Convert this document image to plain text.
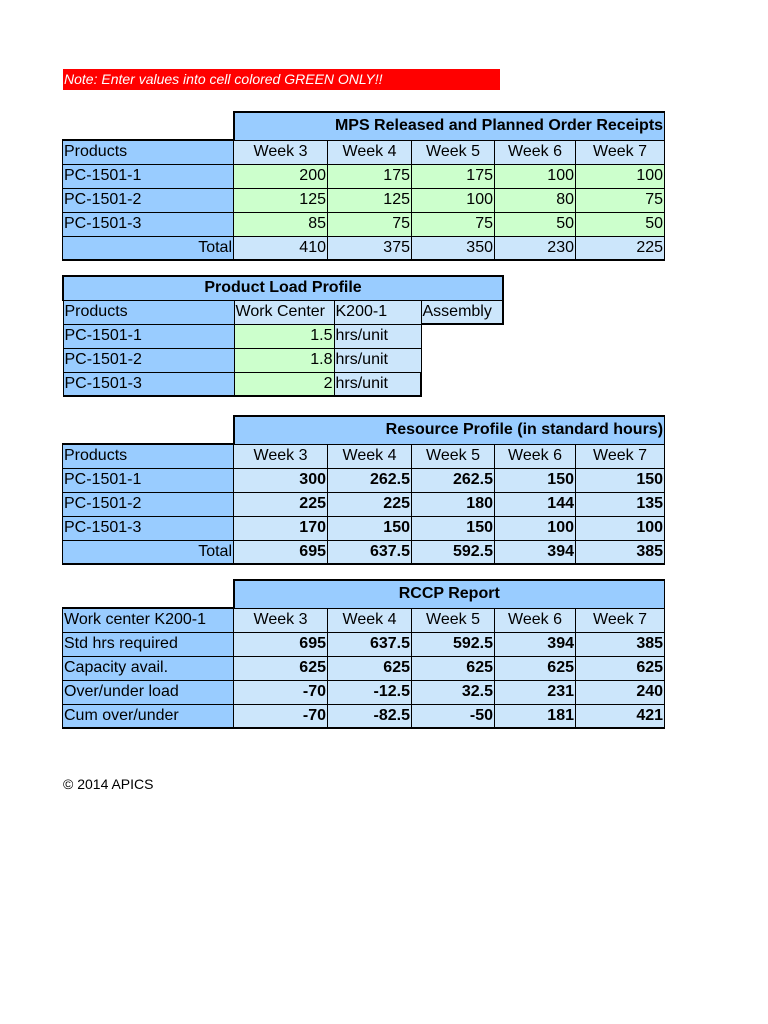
Note: Enter values into cell colored GREEN ONLY!!
	MPS Released and Planned Order Receipts				
Products	Week 3	Week 4	Week 5	Week 6	Week 7
PC-1501-1	200	175	175	100	100
PC-1501-2	125	125	100	80	75
PC-1501-3	85	75	75	50	50
Total	410	375	350	230	225
Product Load Profile			
Products	Work Center	K200-1	Assembly
PC-1501-1	1.5	hrs/unit	
PC-1501-2	1.8	hrs/unit	
PC-1501-3	2	hrs/unit	
	Resource Profile (in standard hours)				
Products	Week 3	Week 4	Week 5	Week 6	Week 7
PC-1501-1	300	262.5	262.5	150	150
PC-1501-2	225	225	180	144	135
PC-1501-3	170	150	150	100	100
Total	695	637.5	592.5	394	385
	RCCP Report				
Work center K200-1	Week 3	Week 4	Week 5	Week 6	Week 7
Std hrs required	695	637.5	592.5	394	385
Capacity avail.	625	625	625	625	625
Over/under load	-70	-12.5	32.5	231	240
Cum over/under	-70	-82.5	-50	181	421
© 2014 APICS
